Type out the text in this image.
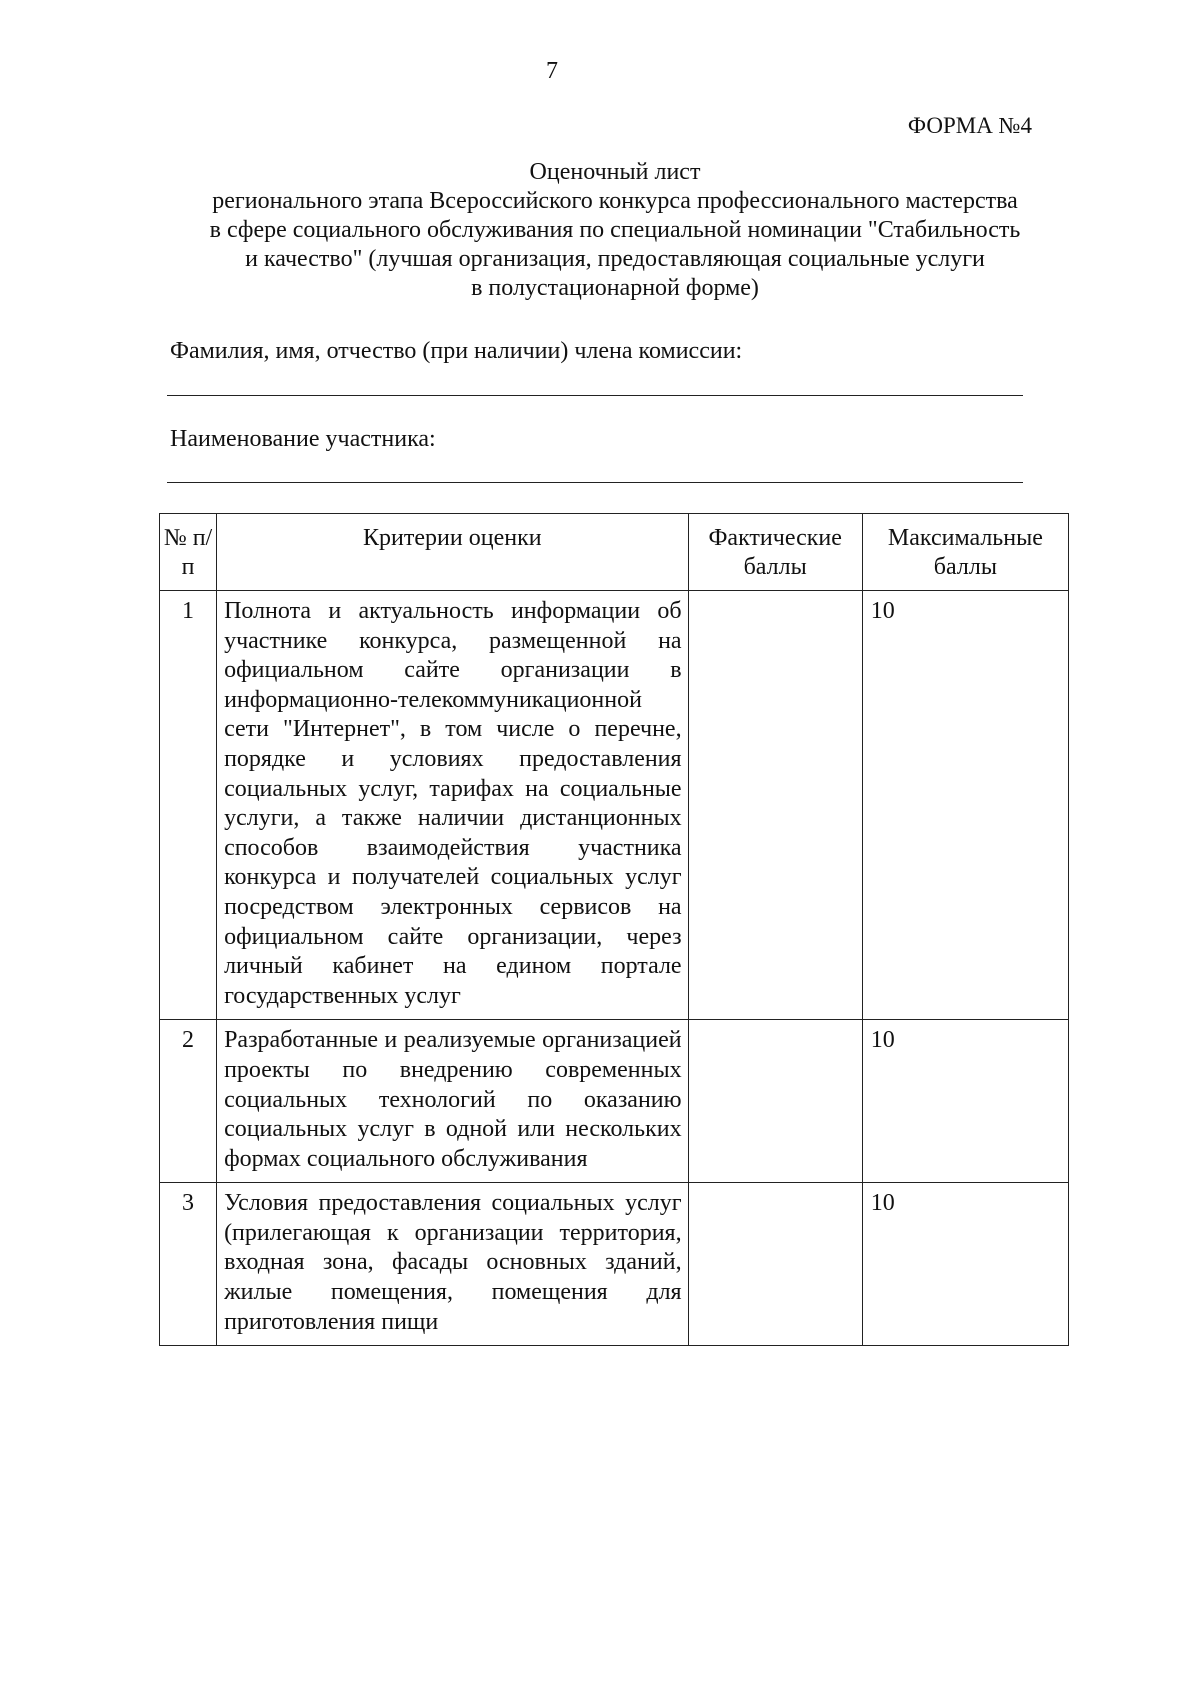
7
ФОРМА №4
Оценочный лист
регионального этапа Всероссийского конкурса профессионального мастерства
в сфере социального обслуживания по специальной номинации "Стабильность
и качество" (лучшая организация, предоставляющая социальные услуги
в полустационарной форме)
Фамилия, имя, отчество (при наличии) члена комиссии:
Наименование участника:
№ п/п	Критерии оценки	Фактические баллы	Максимальные баллы
1	Полнота и актуальность информации об участнике конкурса, размещенной на официальном сайте организации в информационно-телекоммуникационной сети "Интернет", в том числе о перечне, порядке и условиях предоставления социальных услуг, тарифах на социальные услуги, а также наличии дистанционных способов взаимодействия участника конкурса и получателей социальных услуг посредством электронных сервисов на официальном сайте организации, через личный кабинет на едином портале государственных услуг		10
2	Разработанные и реализуемые организацией проекты по внедрению современных социальных технологий по оказанию социальных услуг в одной или нескольких формах социального обслуживания		10
3	Условия предоставления социальных услуг (прилегающая к организации территория, входная зона, фасады основных зданий, жилые помещения, помещения для приготовления пищи		10
